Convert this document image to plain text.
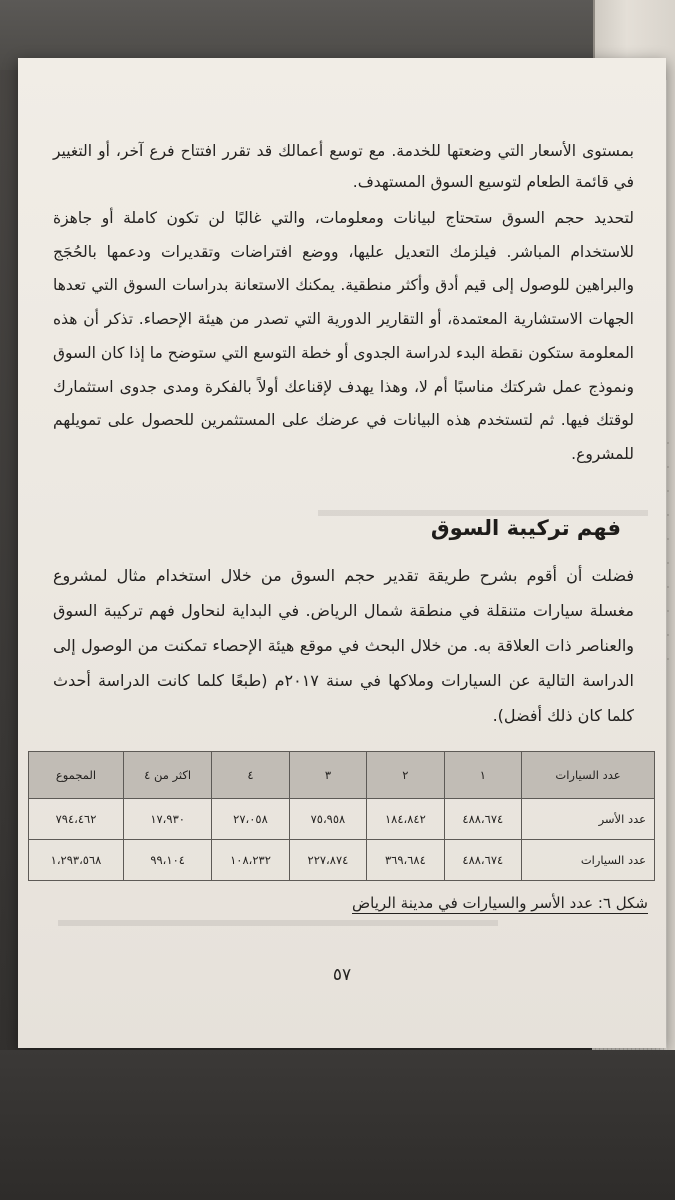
بمستوى الأسعار التي وضعتها للخدمة. مع توسع أعمالك قد تقرر افتتاح فرع آخر، أو التغيير في قائمة الطعام لتوسيع السوق المستهدف.
لتحديد حجم السوق ستحتاج لبيانات ومعلومات، والتي غالبًا لن تكون كاملة أو جاهزة للاستخدام المباشر. فيلزمك التعديل عليها، ووضع افتراضات وتقديرات ودعمها بالحُجَج والبراهين للوصول إلى قيم أدق وأكثر منطقية. يمكنك الاستعانة بدراسات السوق التي تعدها الجهات الاستشارية المعتمدة، أو التقارير الدورية التي تصدر من هيئة الإحصاء. تذكر أن هذه المعلومة ستكون نقطة البدء لدراسة الجدوى أو خطة التوسع التي ستوضح ما إذا كان السوق ونموذج عمل شركتك مناسبًا أم لا، وهذا يهدف لإقناعك أولاً بالفكرة ومدى جدوى استثمارك لوقتك فيها. ثم لتستخدم هذه البيانات في عرضك على المستثمرين للحصول على تمويلهم للمشروع.
فهم تركيبة السوق
فضلت أن أقوم بشرح طريقة تقدير حجم السوق من خلال استخدام مثال لمشروع مغسلة سيارات متنقلة في منطقة شمال الرياض. في البداية لنحاول فهم تركيبة السوق والعناصر ذات العلاقة به. من خلال البحث في موقع هيئة الإحصاء تمكنت من الوصول إلى الدراسة التالية عن السيارات وملاكها في سنة ٢٠١٧م (طبعًا كلما كانت الدراسة أحدث كلما كان ذلك أفضل).
عدد السيارات	١	٢	٣	٤	اكثر من ٤	المجموع
عدد الأسر	٤٨٨،٦٧٤	١٨٤،٨٤٢	٧٥،٩٥٨	٢٧،٠٥٨	١٧،٩٣٠	٧٩٤،٤٦٢
عدد السيارات	٤٨٨،٦٧٤	٣٦٩،٦٨٤	٢٢٧،٨٧٤	١٠٨،٢٣٢	٩٩،١٠٤	١،٢٩٣،٥٦٨
شكل ٦: عدد الأسر والسيارات في مدينة الرياض
٥٧
